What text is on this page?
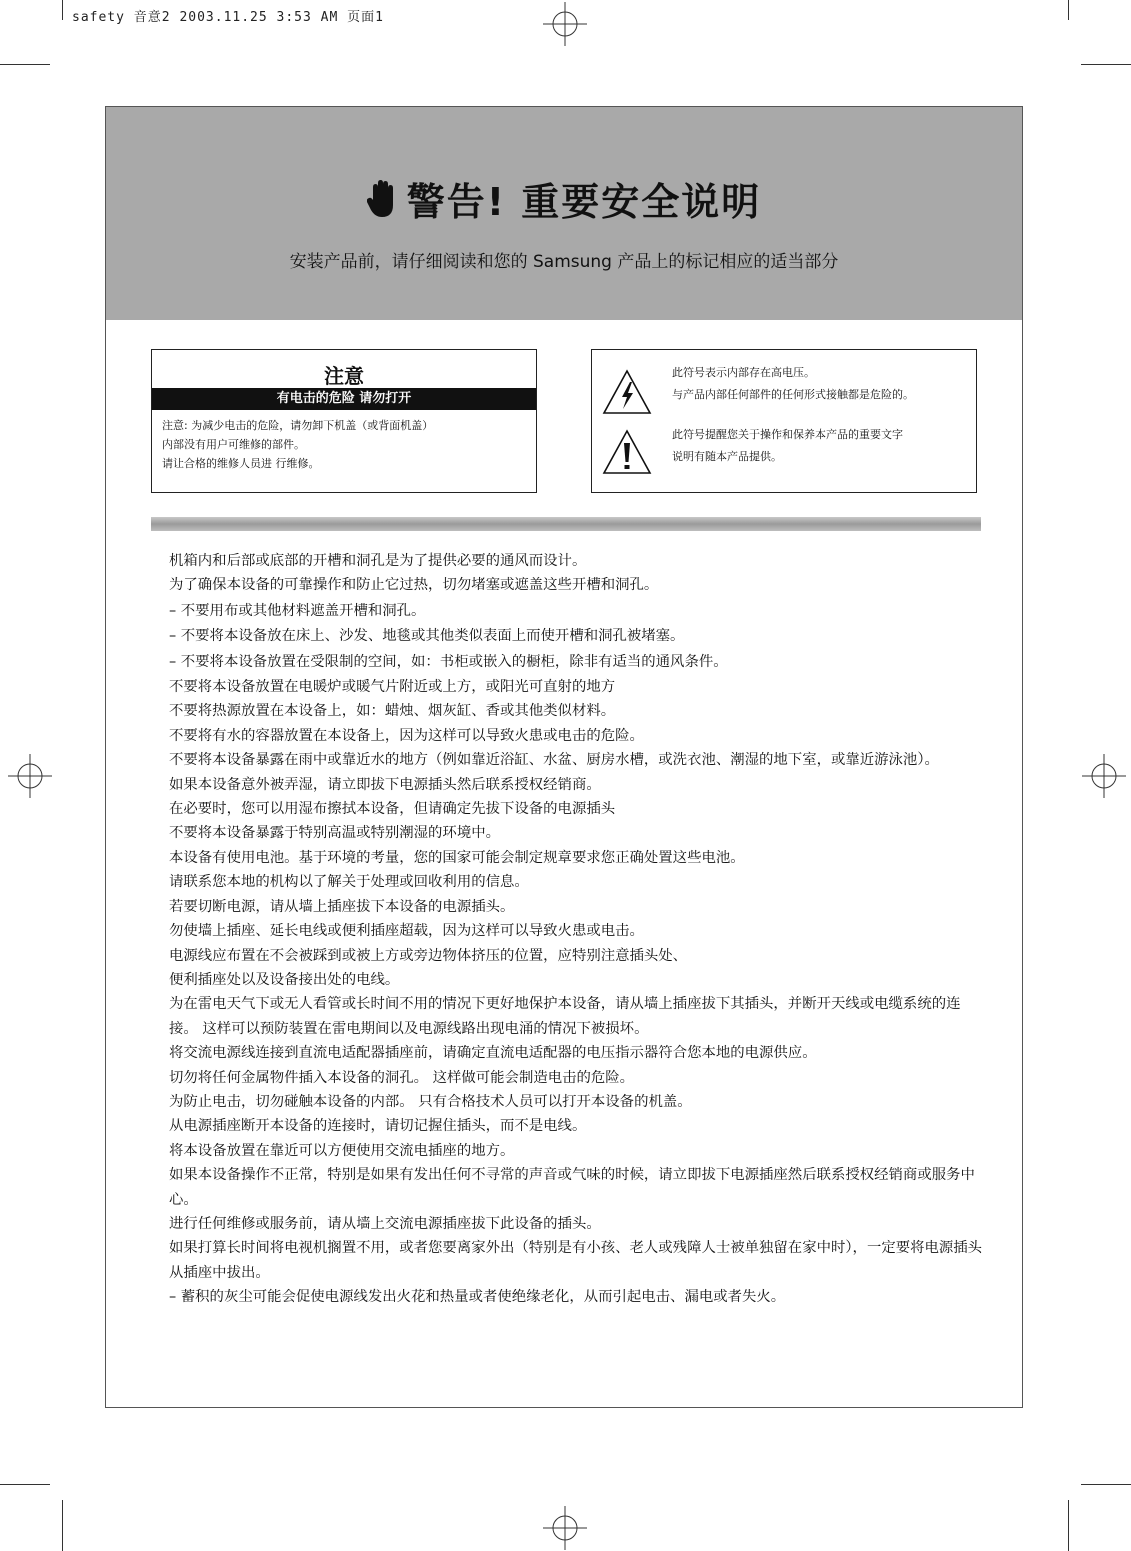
safety 音意2 2003.11.25 3:53 AM 页面1
警告! 重要安全说明
安装产品前，请仔细阅读和您的 Samsung 产品上的标记相应的适当部分
注意
有电击的危险 请勿打开
注意: 为减少电击的危险，请勿卸下机盖（或背面机盖）
内部没有用户可维修的部件。
请让合格的维修人员进 行维修。
此符号表示内部存在高电压。
与产品内部任何部件的任何形式接触都是危险的。
此符号提醒您关于操作和保养本产品的重要文字
说明有随本产品提供。

机箱内和后部或底部的开槽和洞孔是为了提供必要的通风而设计。

为了确保本设备的可靠操作和防止它过热，切勿堵塞或遮盖这些开槽和洞孔。

– 不要用布或其他材料遮盖开槽和洞孔。

– 不要将本设备放在床上、沙发、地毯或其他类似表面上而使开槽和洞孔被堵塞。

– 不要将本设备放置在受限制的空间，如：书柜或嵌入的橱柜，除非有适当的通风条件。

不要将本设备放置在电暖炉或暖气片附近或上方，或阳光可直射的地方

不要将热源放置在本设备上，如：蜡烛、烟灰缸、香或其他类似材料。

不要将有水的容器放置在本设备上，因为这样可以导致火患或电击的危险。

不要将本设备暴露在雨中或靠近水的地方（例如靠近浴缸、水盆、厨房水槽，或洗衣池、潮湿的地下室，或靠近游泳池）。

如果本设备意外被弄湿，请立即拔下电源插头然后联系授权经销商。

在必要时，您可以用湿布擦拭本设备，但请确定先拔下设备的电源插头

不要将本设备暴露于特别高温或特别潮湿的环境中。

本设备有使用电池。基于环境的考量，您的国家可能会制定规章要求您正确处置这些电池。

请联系您本地的机构以了解关于处理或回收利用的信息。

若要切断电源，请从墙上插座拔下本设备的电源插头。

勿使墙上插座、延长电线或便利插座超载，因为这样可以导致火患或电击。

电源线应布置在不会被踩到或被上方或旁边物体挤压的位置，应特别注意插头处、

便利插座处以及设备接出处的电线。

为在雷电天气下或无人看管或长时间不用的情况下更好地保护本设备，请从墙上插座拔下其插头，并断开天线或电缆系统的连接。 这样可以预防装置在雷电期间以及电源线路出现电涌的情况下被损坏。

将交流电源线连接到直流电适配器插座前，请确定直流电适配器的电压指示器符合您本地的电源供应。

切勿将任何金属物件插入本设备的洞孔。 这样做可能会制造电击的危险。

为防止电击，切勿碰触本设备的内部。 只有合格技术人员可以打开本设备的机盖。

从电源插座断开本设备的连接时，请切记握住插头，而不是电线。

将本设备放置在靠近可以方便使用交流电插座的地方。

如果本设备操作不正常，特别是如果有发出任何不寻常的声音或气味的时候，请立即拔下电源插座然后联系授权经销商或服务中心。

进行任何维修或服务前，请从墙上交流电源插座拔下此设备的插头。

如果打算长时间将电视机搁置不用，或者您要离家外出（特别是有小孩、老人或残障人士被单独留在家中时），一定要将电源插头从插座中拔出。

– 蓄积的灰尘可能会促使电源线发出火花和热量或者使绝缘老化，从而引起电击、漏电或者失火。
